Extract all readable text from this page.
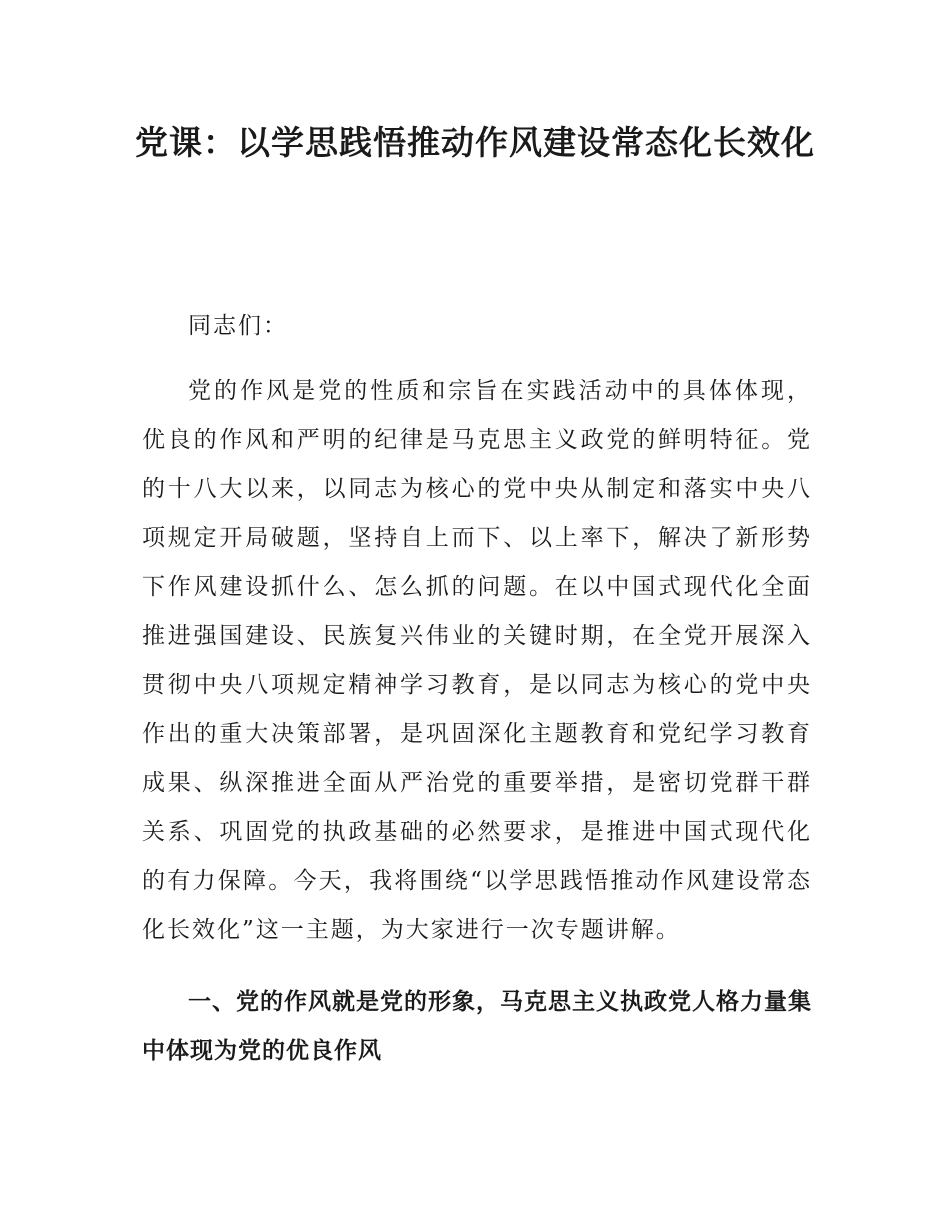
党课：以学思践悟推动作风建设常态化长效化

同志们：

党的作风是党的性质和宗旨在实践活动中的具体体现，优良的作风和严明的纪律是马克思主义政党的鲜明特征。党的十八大以来，以同志为核心的党中央从制定和落实中央八项规定开局破题，坚持自上而下、以上率下，解决了新形势下作风建设抓什么、怎么抓的问题。在以中国式现代化全面推进强国建设、民族复兴伟业的关键时期，在全党开展深入贯彻中央八项规定精神学习教育，是以同志为核心的党中央作出的重大决策部署，是巩固深化主题教育和党纪学习教育成果、纵深推进全面从严治党的重要举措，是密切党群干群关系、巩固党的执政基础的必然要求，是推进中国式现代化的有力保障。今天，我将围绕“以学思践悟推动作风建设常态化长效化”这一主题，为大家进行一次专题讲解。

一、党的作风就是党的形象，马克思主义执政党人格力量集中体现为党的优良作风
